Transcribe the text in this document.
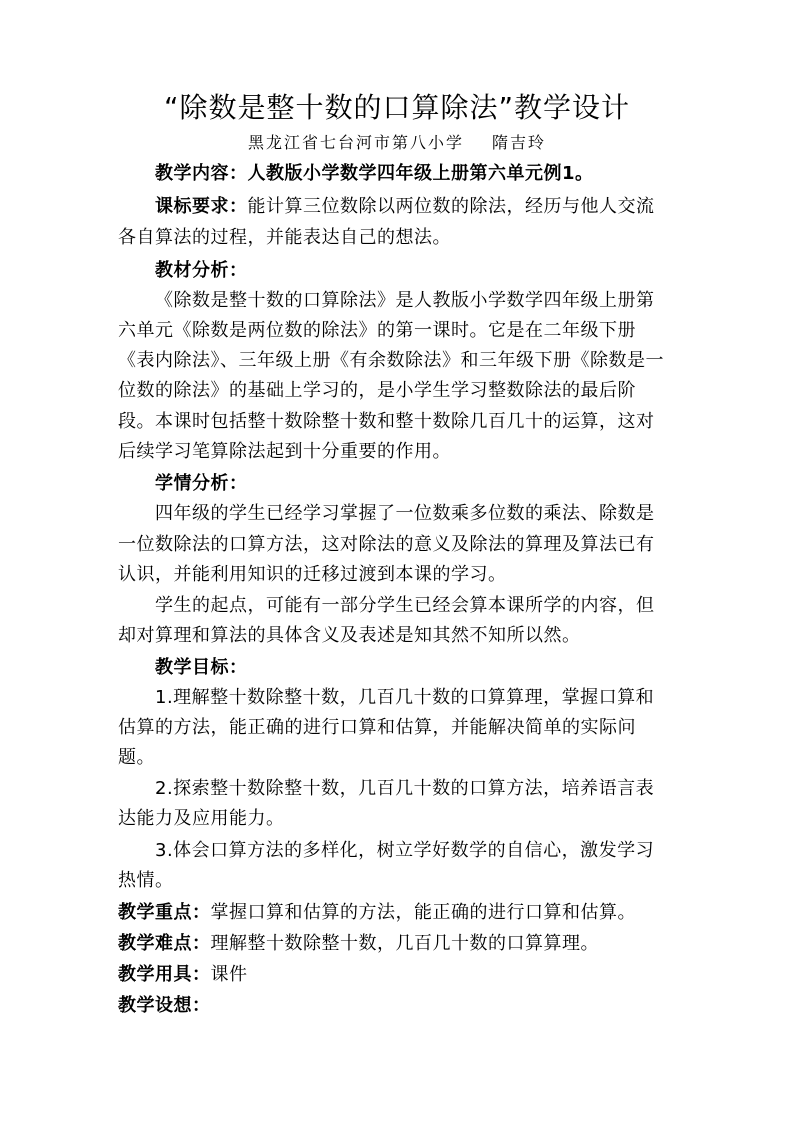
“除数是整十数的口算除法”教学设计
黑龙江省七台河市第八小学 隋吉玲
教学内容：人教版小学数学四年级上册第六单元例1。
课标要求：能计算三位数除以两位数的除法，经历与他人交流
各自算法的过程，并能表达自己的想法。
教材分析：
《除数是整十数的口算除法》是人教版小学数学四年级上册第
六单元《除数是两位数的除法》的第一课时。它是在二年级下册
《表内除法》、三年级上册《有余数除法》和三年级下册《除数是一
位数的除法》的基础上学习的，是小学生学习整数除法的最后阶
段。本课时包括整十数除整十数和整十数除几百几十的运算，这对
后续学习笔算除法起到十分重要的作用。
学情分析：
四年级的学生已经学习掌握了一位数乘多位数的乘法、除数是
一位数除法的口算方法，这对除法的意义及除法的算理及算法已有
认识，并能利用知识的迁移过渡到本课的学习。
学生的起点，可能有一部分学生已经会算本课所学的内容，但
却对算理和算法的具体含义及表述是知其然不知所以然。
教学目标：
1.理解整十数除整十数，几百几十数的口算算理，掌握口算和
估算的方法，能正确的进行口算和估算，并能解决简单的实际问
题。
2.探索整十数除整十数，几百几十数的口算方法，培养语言表
达能力及应用能力。
3.体会口算方法的多样化，树立学好数学的自信心，激发学习
热情。
教学重点：掌握口算和估算的方法，能正确的进行口算和估算。
教学难点：理解整十数除整十数，几百几十数的口算算理。
教学用具：课件
教学设想：
